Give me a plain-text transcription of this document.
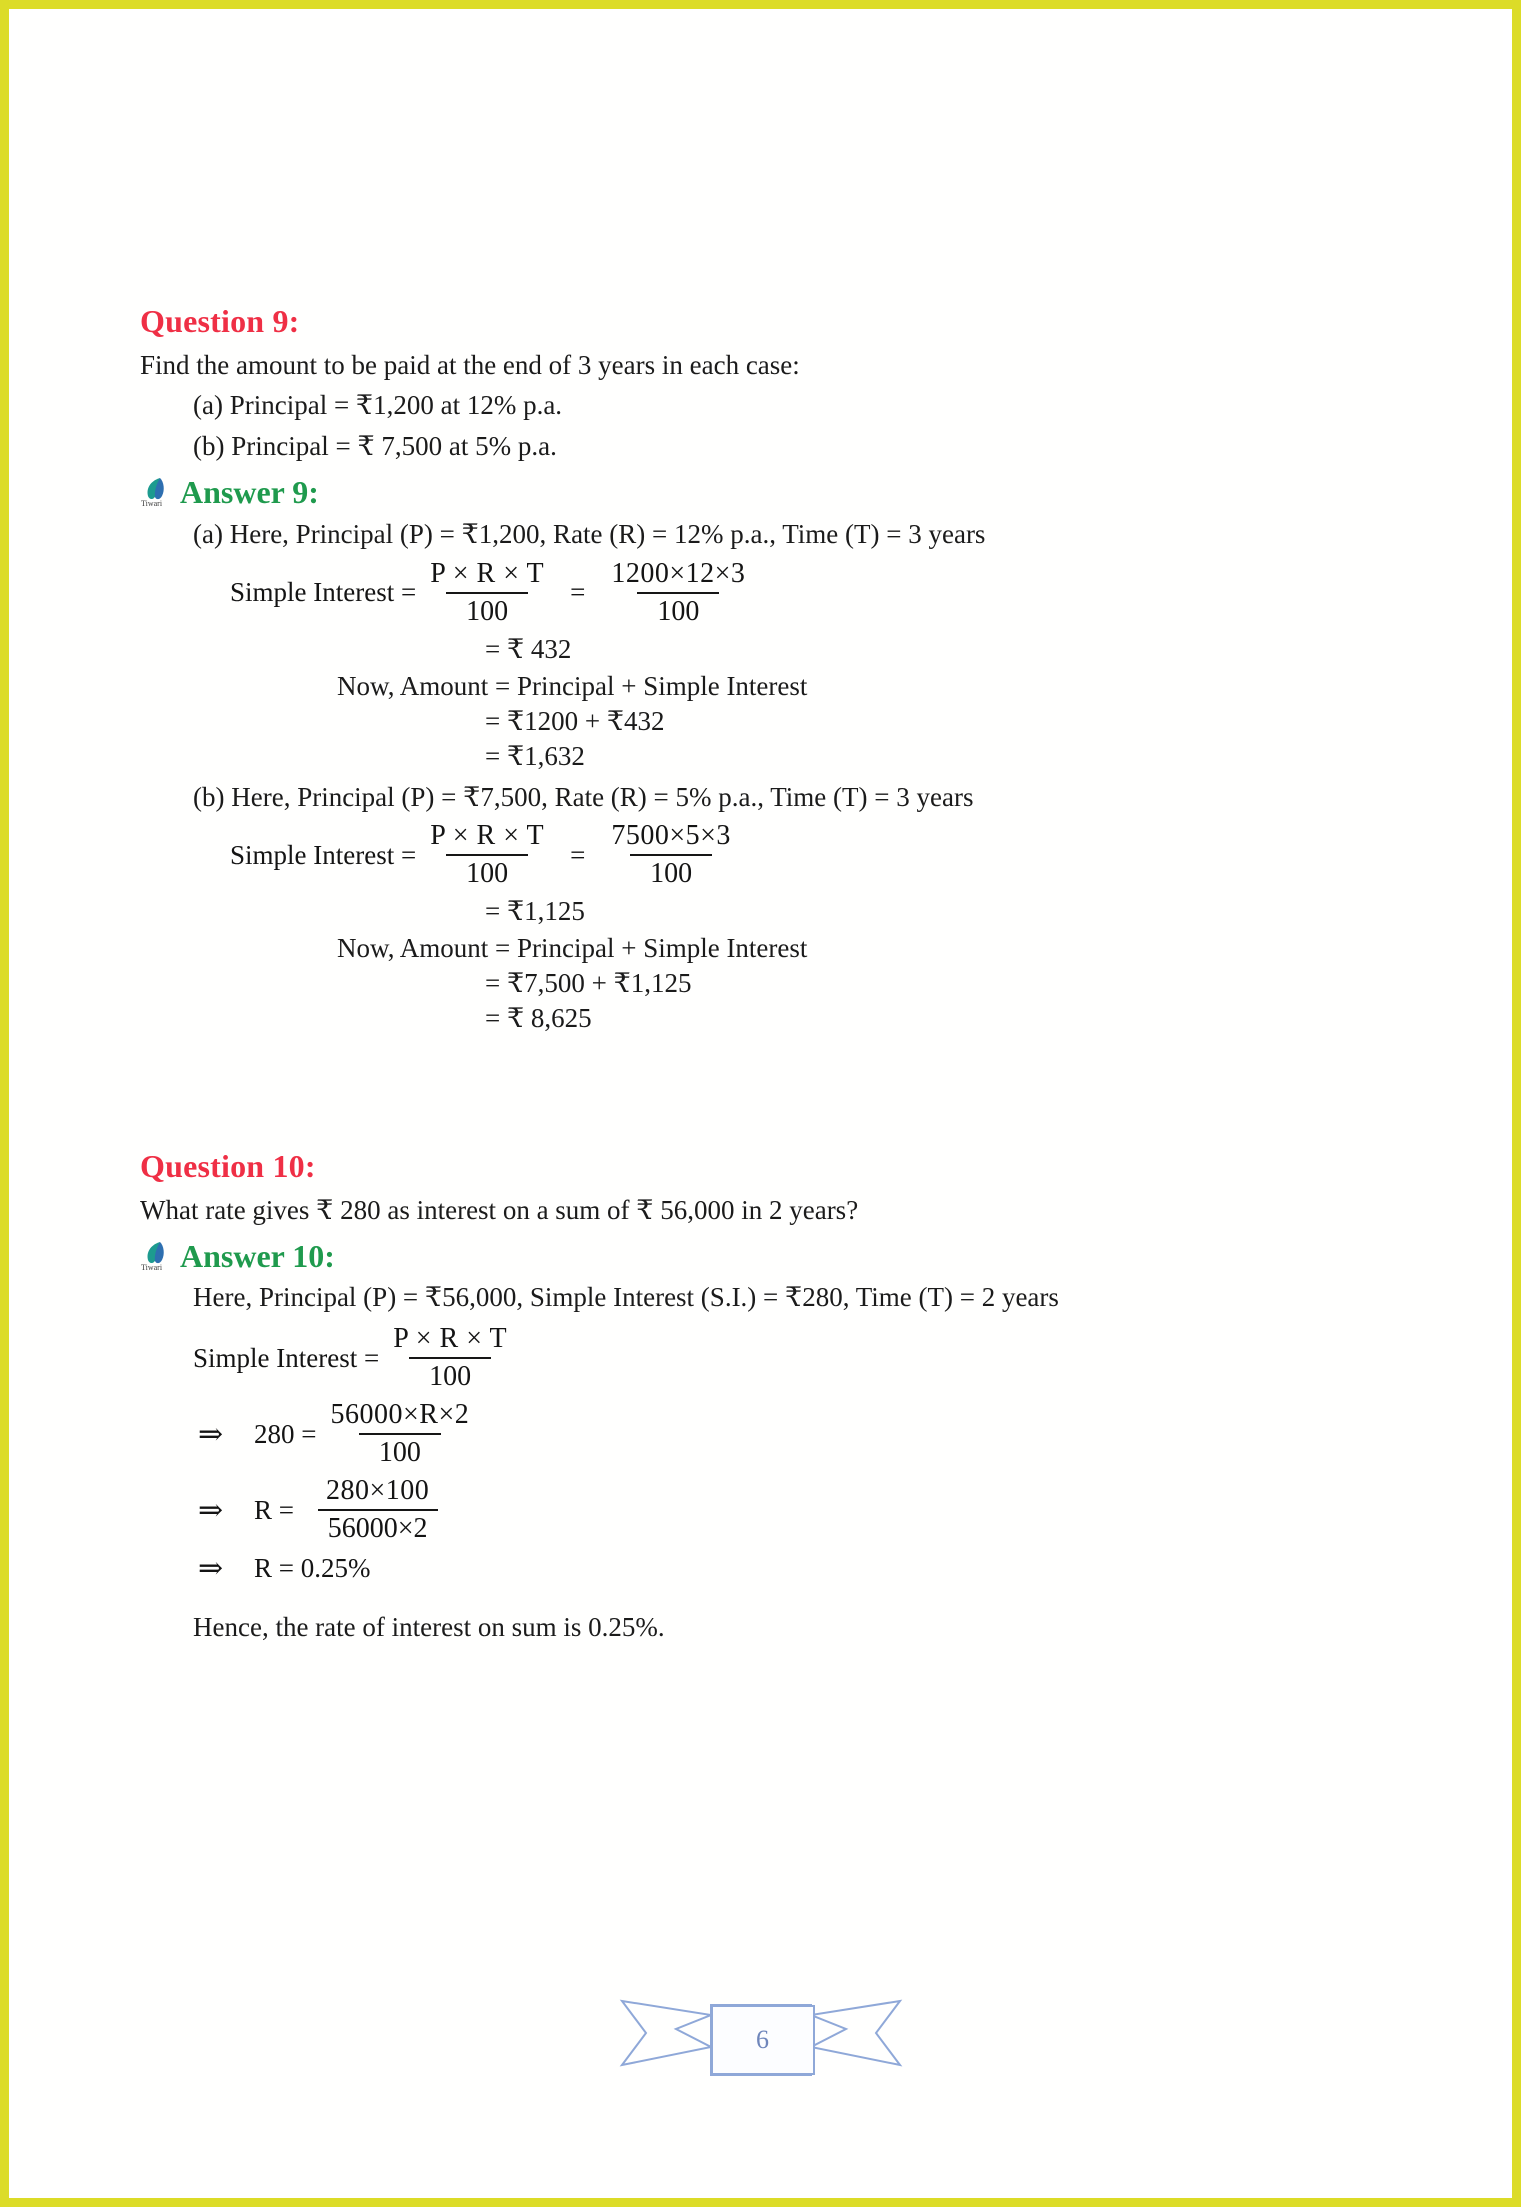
Question 9:
Find the amount to be paid at the end of 3 years in each case:
(a) Principal = ₹1,200 at 12% p.a.
(b) Principal = ₹ 7,500 at 5% p.a.
Tiwari Answer 9:
(a) Here, Principal (P) = ₹1,200, Rate (R) = 12% p.a., Time (T) = 3 years
Simple Interest = $\frac{P \times R \times T}{100} = \frac{1200\times 12\times 3}{100}$
= ₹ 432
Now, Amount = Principal + Simple Interest
= ₹1200 + ₹432
= ₹1,632
(b) Here, Principal (P) = ₹7,500, Rate (R) = 5% p.a., Time (T) = 3 years
Simple Interest = $\frac{P \times R \times T}{100} = \frac{7500\times 5\times 3}{100}$
= ₹1,125
Now, Amount = Principal + Simple Interest
= ₹7,500 + ₹1,125
= ₹ 8,625
Question 10:
What rate gives ₹ 280 as interest on a sum of ₹ 56,000 in 2 years?
Tiwari Answer 10:
Here, Principal (P) = ₹56,000, Simple Interest (S.I.) = ₹280, Time (T) = 2 years
Simple Interest = $\frac{P \times R \times T}{100}$
⇒	$280 = \frac{56000\times R\times 2}{100}$
⇒	$R = \frac{280\times 100}{56000\times 2}$
⇒	R = 0.25%
Hence, the rate of interest on sum is 0.25%.
6
